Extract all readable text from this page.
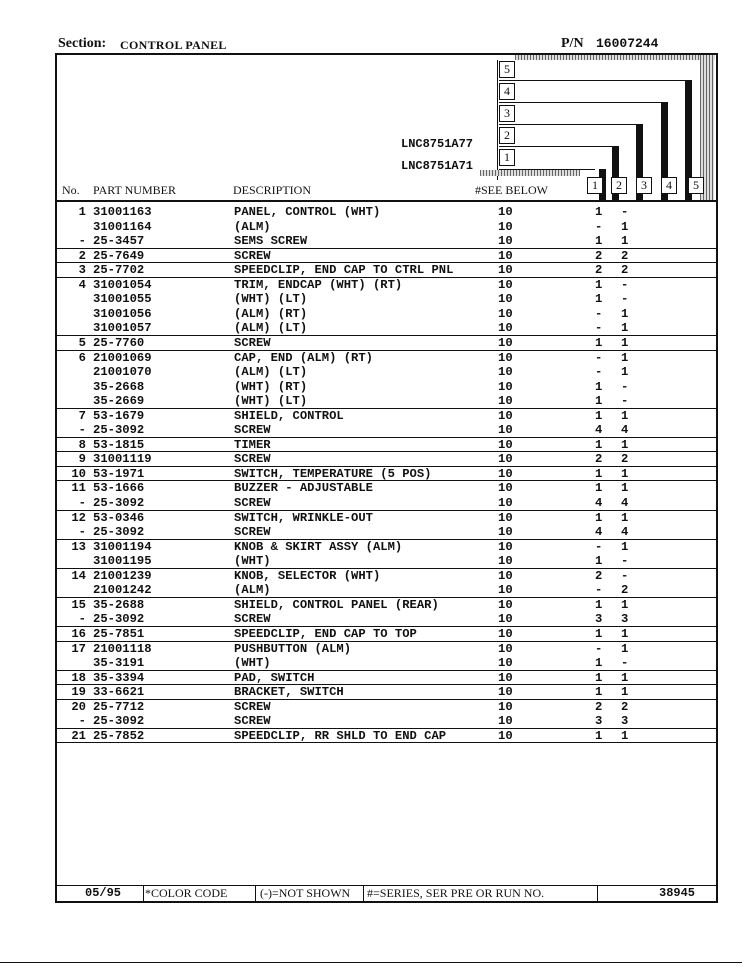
Section: CONTROL PANEL	P/N 16007244
5
4
3
2
1
LNC8751A77
LNC8751A71
1	2	3	4	5
No. PART NUMBER	DESCRIPTION	#SEE BELOW
1 31001163	PANEL, CONTROL (WHT)	10	1 -
31001164	(ALM)	10	- 1
- 25-3457	SEMS SCREW	10	1 1
2 25-7649	SCREW	10	2 2
3 25-7702	SPEEDCLIP, END CAP TO CTRL PNL	10	2 2
4 31001054	TRIM, ENDCAP (WHT) (RT)	10	1 -
31001055	(WHT) (LT)	10	1 -
31001056	(ALM) (RT)	10	- 1
31001057	(ALM) (LT)	10	- 1
5 25-7760	SCREW	10	1 1
6 21001069	CAP, END (ALM) (RT)	10	- 1
21001070	(ALM) (LT)	10	- 1
35-2668	(WHT) (RT)	10	1 -
35-2669	(WHT) (LT)	10	1 -
7 53-1679	SHIELD, CONTROL	10	1 1
- 25-3092	SCREW	10	4 4
8 53-1815	TIMER	10	1 1
9 31001119	SCREW	10	2 2
10 53-1971	SWITCH, TEMPERATURE (5 POS)	10	1 1
11 53-1666	BUZZER - ADJUSTABLE	10	1 1
- 25-3092	SCREW	10	4 4
12 53-0346	SWITCH, WRINKLE-OUT	10	1 1
- 25-3092	SCREW	10	4 4
13 31001194	KNOB & SKIRT ASSY (ALM)	10	- 1
31001195	(WHT)	10	1 -
14 21001239	KNOB, SELECTOR (WHT)	10	2 -
21001242	(ALM)	10	- 2
15 35-2688	SHIELD, CONTROL PANEL (REAR)	10	1 1
- 25-3092	SCREW	10	3 3
16 25-7851	SPEEDCLIP, END CAP TO TOP	10	1 1
17 21001118	PUSHBUTTON (ALM)	10	- 1
35-3191	(WHT)	10	1 -
18 35-3394	PAD, SWITCH	10	1 1
19 33-6621	BRACKET, SWITCH	10	1 1
20 25-7712	SCREW	10	2 2
- 25-3092	SCREW	10	3 3
21 25-7852	SPEEDCLIP, RR SHLD TO END CAP	10	1 1
05/95 *COLOR CODE	(-)=NOT SHOWN #=SERIES, SER PRE OR RUN NO.	38945
